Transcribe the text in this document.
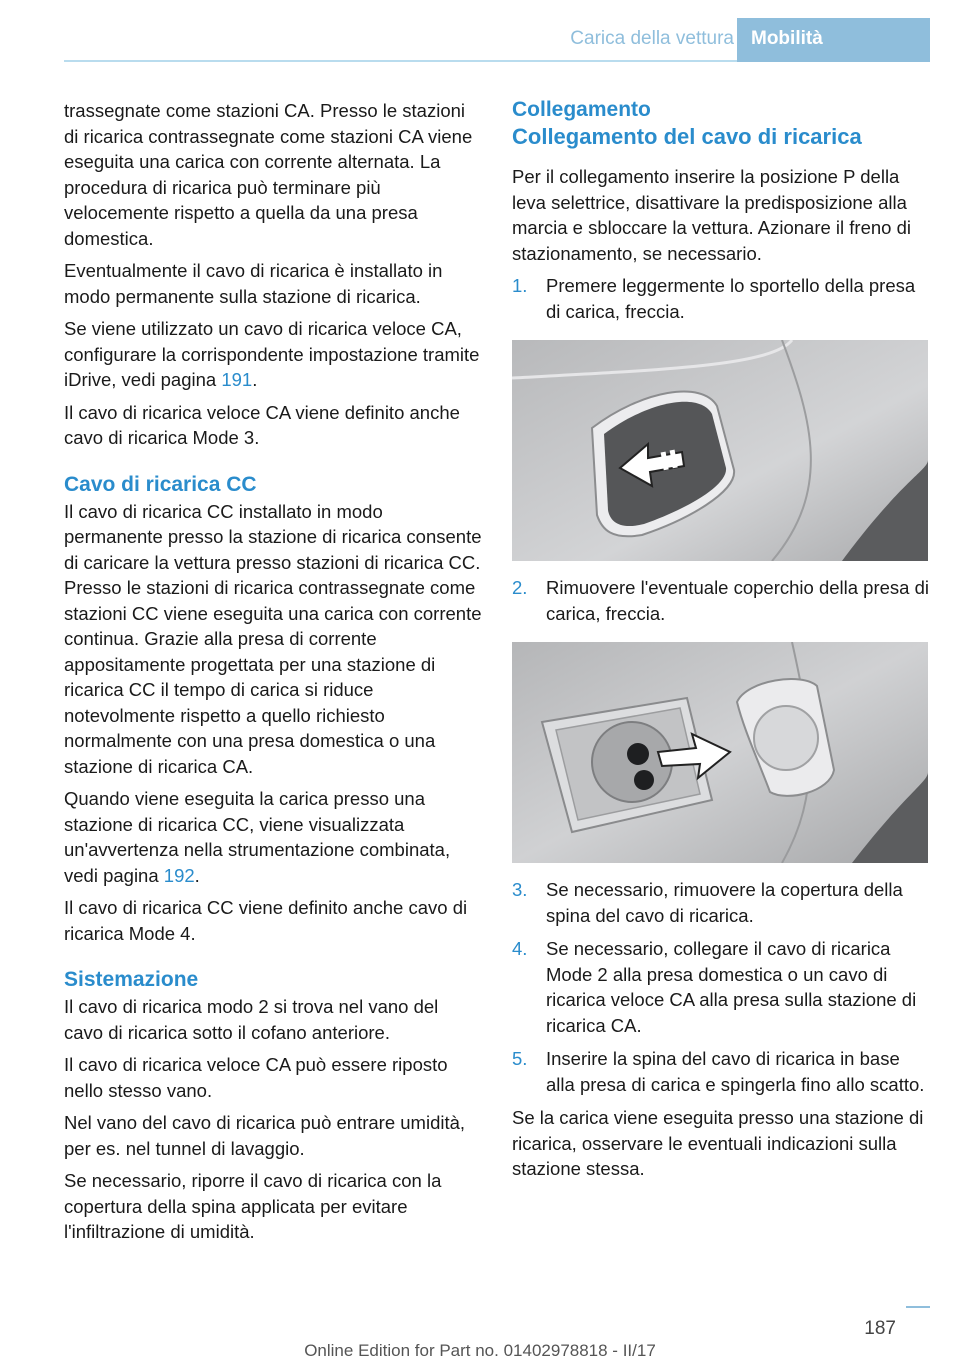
Carica della vettura Mobilità

trassegnate come stazioni CA. Presso le stazioni di ricarica contrassegnate come stazioni CA viene eseguita una carica con corrente alternata. La procedura di ricarica può terminare più velocemente rispetto a quella da una presa domestica.

Eventualmente il cavo di ricarica è installato in modo permanente sulla stazione di ricarica.

Se viene utilizzato un cavo di ricarica veloce CA, configurare la corrispondente impostazione tramite iDrive, vedi pagina 191.

Il cavo di ricarica veloce CA viene definito anche cavo di ricarica Mode 3.

Cavo di ricarica CC

Il cavo di ricarica CC installato in modo permanente presso la stazione di ricarica consente di caricare la vettura presso stazioni di ricarica CC. Presso le stazioni di ricarica contrassegnate come stazioni CC viene eseguita una carica con corrente continua. Grazie alla presa di corrente appositamente progettata per una stazione di ricarica CC il tempo di carica si riduce notevolmente rispetto a quello richiesto normalmente con una presa domestica o una stazione di ricarica CA.

Quando viene eseguita la carica presso una stazione di ricarica CC, viene visualizzata un'avvertenza nella strumentazione combinata, vedi pagina 192.

Il cavo di ricarica CC viene definito anche cavo di ricarica Mode 4.

Sistemazione

Il cavo di ricarica modo 2 si trova nel vano del cavo di ricarica sotto il cofano anteriore.

Il cavo di ricarica veloce CA può essere riposto nello stesso vano.

Nel vano del cavo di ricarica può entrare umidità, per es. nel tunnel di lavaggio.

Se necessario, riporre il cavo di ricarica con la copertura della spina applicata per evitare l'infiltrazione di umidità.

Collegamento
Collegamento del cavo di ricarica

Per il collegamento inserire la posizione P della leva selettrice, disattivare la predisposizione alla marcia e sbloccare la vettura. Azionare il freno di stazionamento, se necessario.

1. Premere leggermente lo sportello della presa di carica, freccia.
2. Rimuovere l'eventuale coperchio della presa di carica, freccia.
3. Se necessario, rimuovere la copertura della spina del cavo di ricarica.
4. Se necessario, collegare il cavo di ricarica Mode 2 alla presa domestica o un cavo di ricarica veloce CA alla presa sulla stazione di ricarica CA.
5. Inserire la spina del cavo di ricarica in base alla presa di carica e spingerla fino allo scatto.

Se la carica viene eseguita presso una stazione di ricarica, osservare le eventuali indicazioni sulla stazione stessa.

187
Online Edition for Part no. 01402978818 - II/17
